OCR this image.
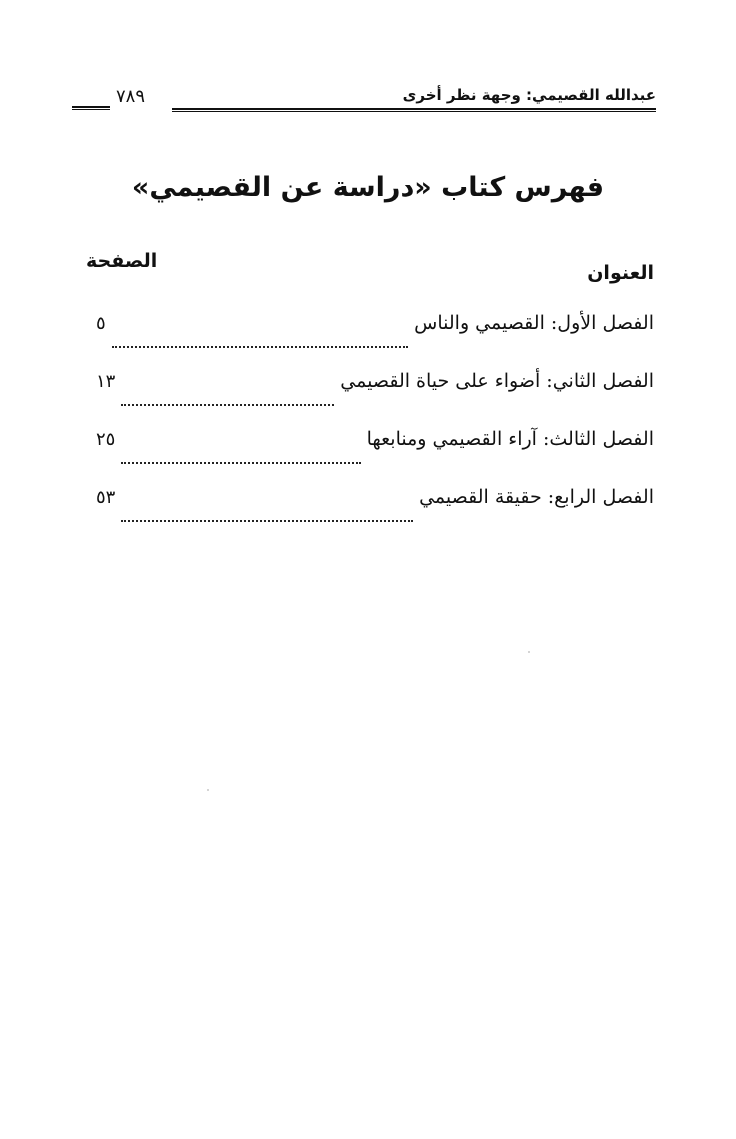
عبدالله القصيمي: وجهة نظر أخرى
٧٨٩
فهرس كتاب «دراسة عن القصيمي»
العنوان
الصفحة
الفصل الأول: القصيمي والناس
٥
الفصل الثاني: أضواء على حياة القصيمي
١٣
الفصل الثالث: آراء القصيمي ومنابعها
٢٥
الفصل الرابع: حقيقة القصيمي
٥٣
